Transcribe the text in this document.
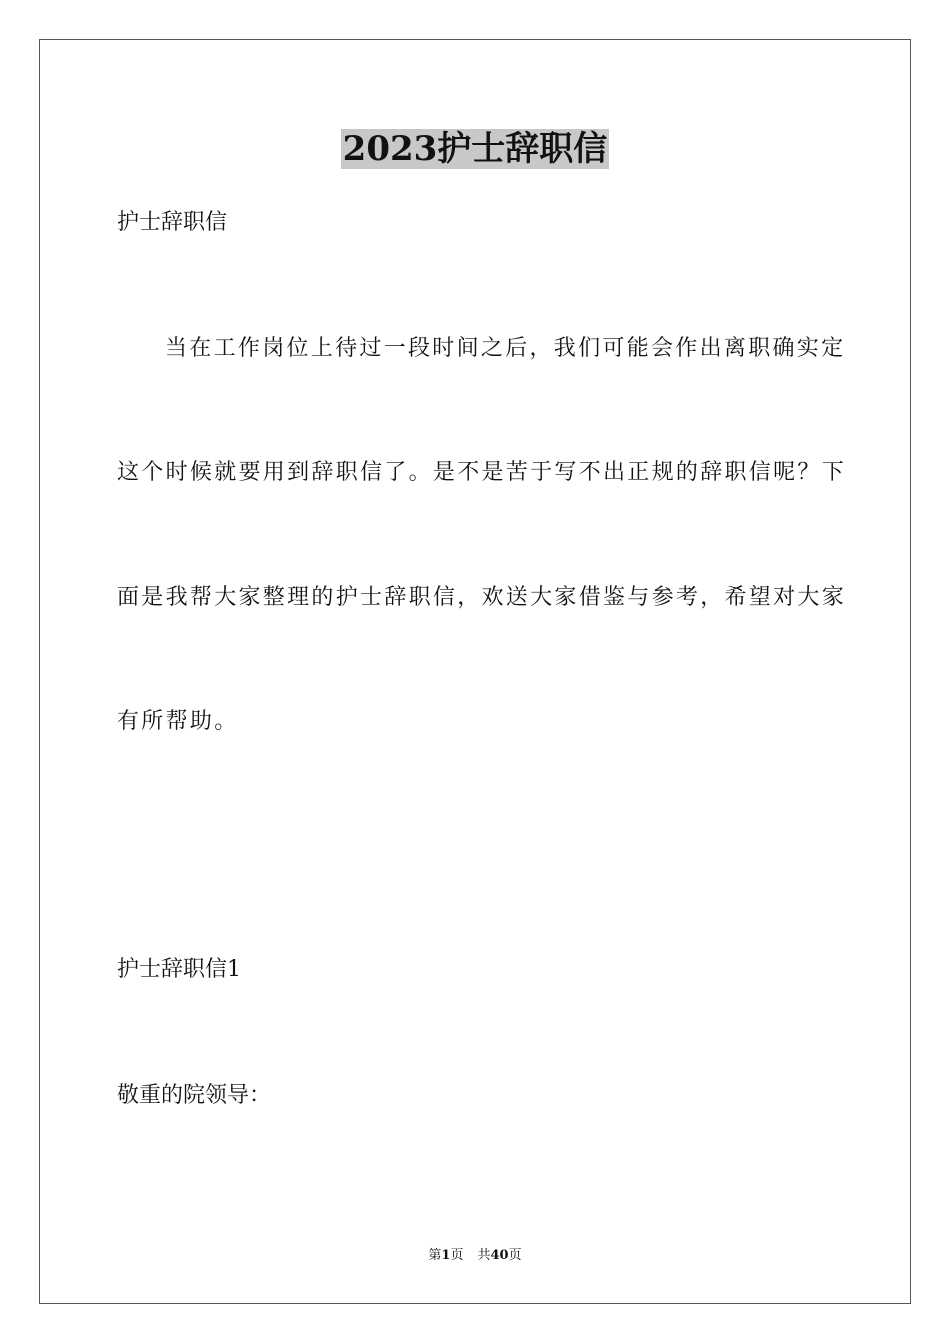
2023护士辞职信

护士辞职信

当在工作岗位上待过一段时间之后，我们可能会作出离职确实定

这个时候就要用到辞职信了。是不是苦于写不出正规的辞职信呢？下

面是我帮大家整理的护士辞职信，欢送大家借鉴与参考，希望对大家

有所帮助。

护士辞职信1

敬重的院领导：

第1页 共40页
